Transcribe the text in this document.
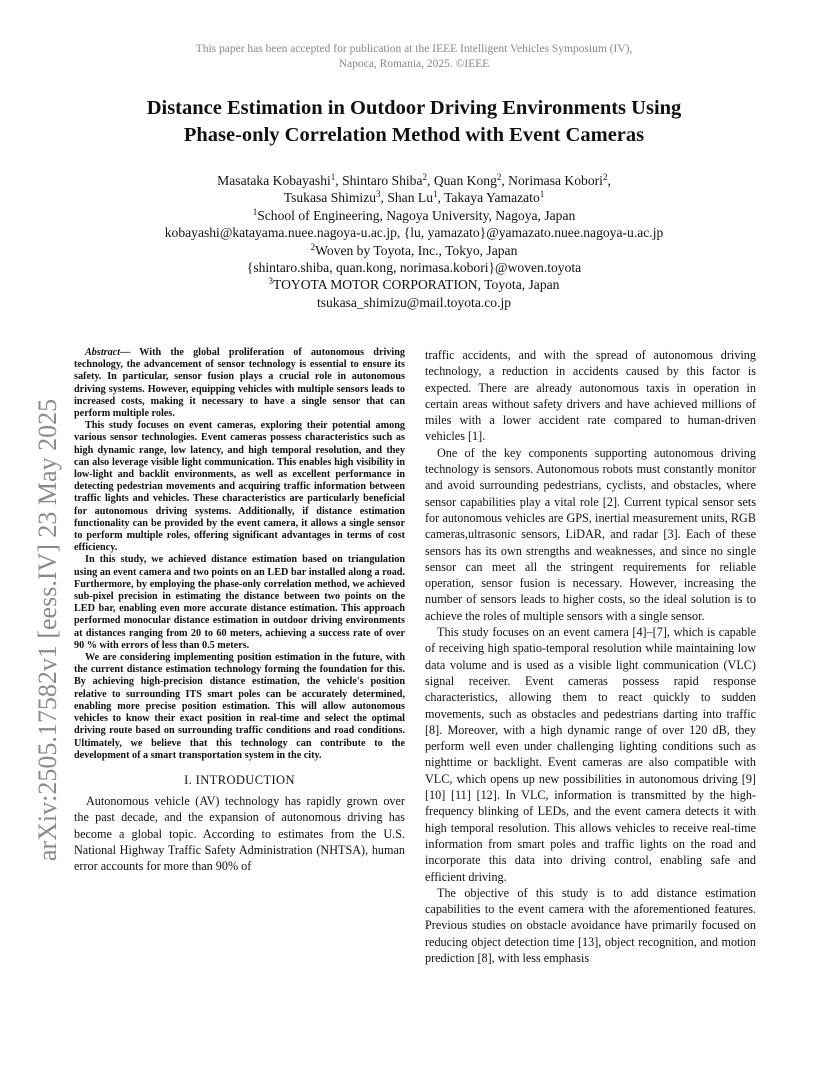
This paper has been accepted for publication at the IEEE Intelligent Vehicles Symposium (IV),
Napoca, Romania, 2025. ©IEEE
Distance Estimation in Outdoor Driving Environments Using
Phase-only Correlation Method with Event Cameras
Masataka Kobayashi$^1$, Shintaro Shiba$^2$, Quan Kong$^2$, Norimasa Kobori$^2$,
Tsukasa Shimizu$^3$, Shan Lu$^1$, Takaya Yamazato$^1$
$^1$School of Engineering, Nagoya University, Nagoya, Japan
kobayashi@katayama.nuee.nagoya-u.ac.jp, {lu, yamazato}@yamazato.nuee.nagoya-u.ac.jp
$^2$Woven by Toyota, Inc., Tokyo, Japan
{shintaro.shiba, quan.kong, norimasa.kobori}@woven.toyota
$^3$TOYOTA MOTOR CORPORATION, Toyota, Japan
tsukasa_shimizu@mail.toyota.co.jp
arXiv:2505.17582v1 [eess.IV] 23 May 2025

Abstract— With the global proliferation of autonomous driving technology, the advancement of sensor technology is essential to ensure its safety. In particular, sensor fusion plays a crucial role in autonomous driving systems. However, equipping vehicles with multiple sensors leads to increased costs, making it necessary to have a single sensor that can perform multiple roles.

This study focuses on event cameras, exploring their potential among various sensor technologies. Event cameras possess characteristics such as high dynamic range, low latency, and high temporal resolution, and they can also leverage visible light communication. This enables high visibility in low-light and backlit environments, as well as excellent performance in detecting pedestrian movements and acquiring traffic information between traffic lights and vehicles. These characteristics are particularly beneficial for autonomous driving systems. Additionally, if distance estimation functionality can be provided by the event camera, it allows a single sensor to perform multiple roles, offering significant advantages in terms of cost efficiency.

In this study, we achieved distance estimation based on triangulation using an event camera and two points on an LED bar installed along a road. Furthermore, by employing the phase-only correlation method, we achieved sub-pixel precision in estimating the distance between two points on the LED bar, enabling even more accurate distance estimation. This approach performed monocular distance estimation in outdoor driving environments at distances ranging from 20 to 60 meters, achieving a success rate of over 90 % with errors of less than 0.5 meters.

We are considering implementing position estimation in the future, with the current distance estimation technology forming the foundation for this. By achieving high-precision distance estimation, the vehicle's position relative to surrounding ITS smart poles can be accurately determined, enabling more precise position estimation. This will allow autonomous vehicles to know their exact position in real-time and select the optimal driving route based on surrounding traffic conditions and road conditions. Ultimately, we believe that this technology can contribute to the development of a smart transportation system in the city.

I. INTRODUCTION

Autonomous vehicle (AV) technology has rapidly grown over the past decade, and the expansion of autonomous driving has become a global topic. According to estimates from the U.S. National Highway Traffic Safety Administration (NHTSA), human error accounts for more than 90% of

traffic accidents, and with the spread of autonomous driving technology, a reduction in accidents caused by this factor is expected. There are already autonomous taxis in operation in certain areas without safety drivers and have achieved millions of miles with a lower accident rate compared to human-driven vehicles [1].

One of the key components supporting autonomous driving technology is sensors. Autonomous robots must constantly monitor and avoid surrounding pedestrians, cyclists, and obstacles, where sensor capabilities play a vital role [2]. Current typical sensor sets for autonomous vehicles are GPS, inertial measurement units, RGB cameras,ultrasonic sensors, LiDAR, and radar [3]. Each of these sensors has its own strengths and weaknesses, and since no single sensor can meet all the stringent requirements for reliable operation, sensor fusion is necessary. However, increasing the number of sensors leads to higher costs, so the ideal solution is to achieve the roles of multiple sensors with a single sensor.

This study focuses on an event camera [4]–[7], which is capable of receiving high spatio-temporal resolution while maintaining low data volume and is used as a visible light communication (VLC) signal receiver. Event cameras possess rapid response characteristics, allowing them to react quickly to sudden movements, such as obstacles and pedestrians darting into traffic [8]. Moreover, with a high dynamic range of over 120 dB, they perform well even under challenging lighting conditions such as nighttime or backlight. Event cameras are also compatible with VLC, which opens up new possibilities in autonomous driving [9] [10] [11] [12]. In VLC, information is transmitted by the high-frequency blinking of LEDs, and the event camera detects it with high temporal resolution. This allows vehicles to receive real-time information from smart poles and traffic lights on the road and incorporate this data into driving control, enabling safe and efficient driving.

The objective of this study is to add distance estimation capabilities to the event camera with the aforementioned features. Previous studies on obstacle avoidance have primarily focused on reducing object detection time [13], object recognition, and motion prediction [8], with less emphasis
